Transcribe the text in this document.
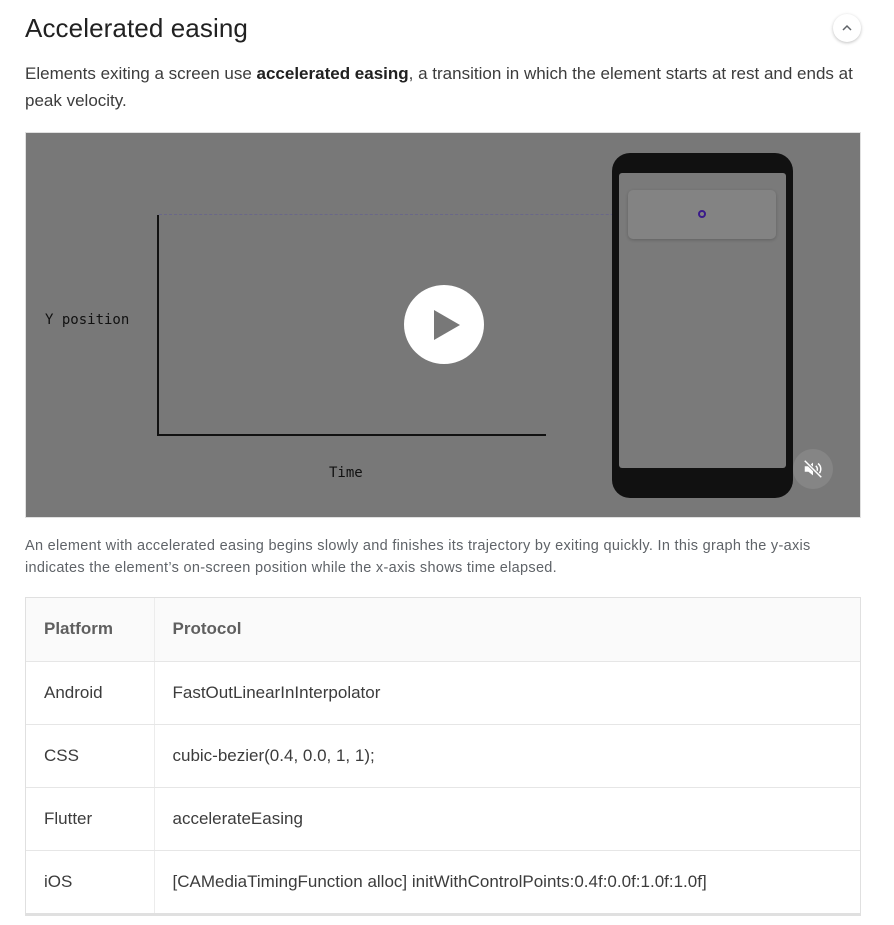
Accelerated easing

Elements exiting a screen use accelerated easing, a transition in which the element starts at rest and ends at peak velocity.

Y position
Time

An element with accelerated easing begins slowly and finishes its trajectory by exiting quickly. In this graph the y-axis indicates the element’s on-screen position while the x-axis shows time elapsed.

Platform	Protocol
Android	FastOutLinearInInterpolator
CSS	cubic-bezier(0.4, 0.0, 1, 1);
Flutter	accelerateEasing
iOS	[CAMediaTimingFunction alloc] initWithControlPoints:0.4f:0.0f:1.0f:1.0f]
